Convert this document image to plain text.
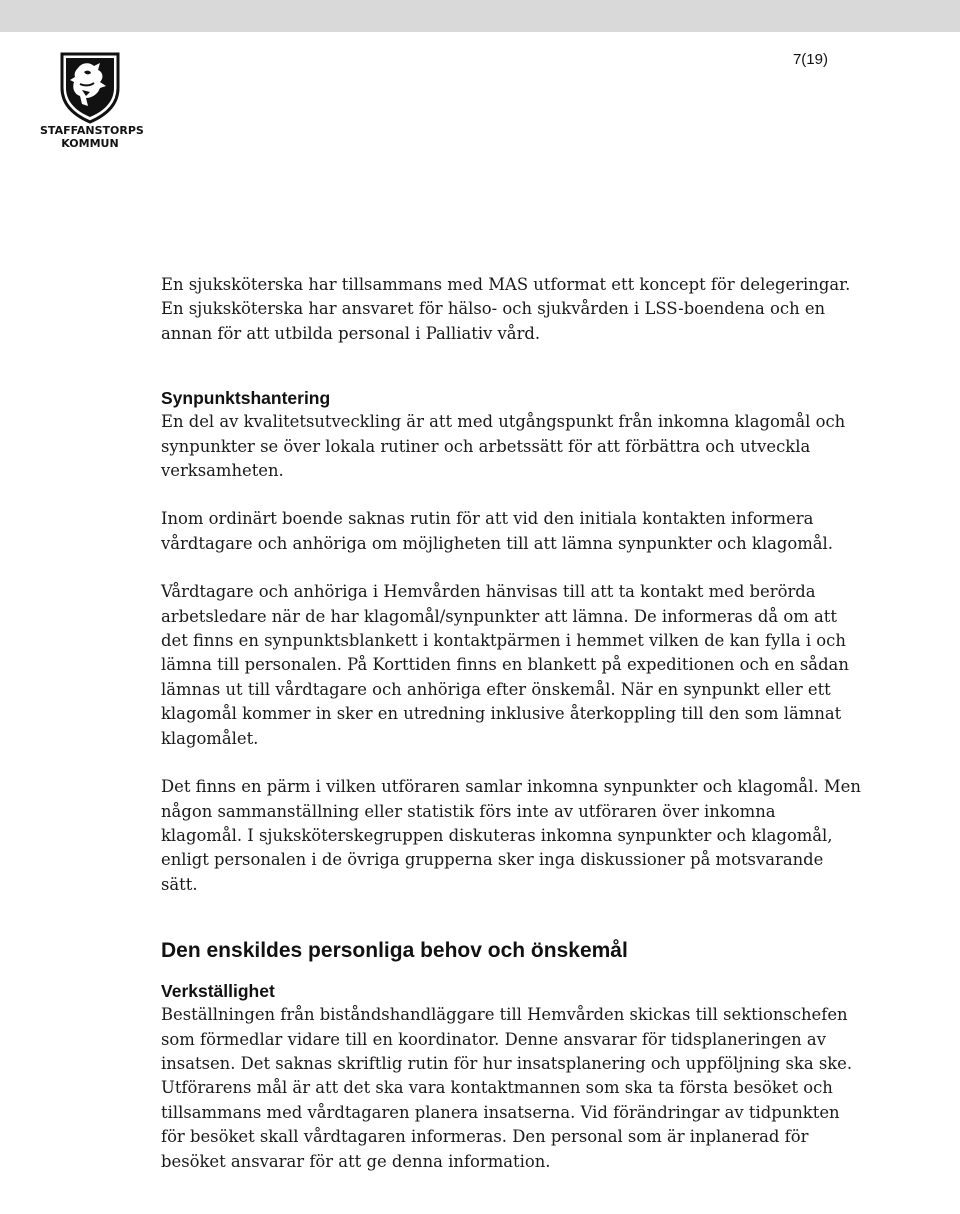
STAFFANSTORPS
KOMMUN
7(19)

En sjuksköterska har tillsammans med MAS utformat ett koncept för delegeringar. En sjuksköterska har ansvaret för hälso- och sjukvården i LSS-boendena och en annan för att utbilda personal i Palliativ vård.

Synpunktshantering

En del av kvalitetsutveckling är att med utgångspunkt från inkomna klagomål och synpunkter se över lokala rutiner och arbetssätt för att förbättra och utveckla verksamheten.

Inom ordinärt boende saknas rutin för att vid den initiala kontakten informera vårdtagare och anhöriga om möjligheten till att lämna synpunkter och klagomål.

Vårdtagare och anhöriga i Hemvården hänvisas till att ta kontakt med berörda arbetsledare när de har klagomål/synpunkter att lämna. De informeras då om att det finns en synpunktsblankett i kontaktpärmen i hemmet vilken de kan fylla i och lämna till personalen. På Korttiden finns en blankett på expeditionen och en sådan lämnas ut till vårdtagare och anhöriga efter önskemål. När en synpunkt eller ett klagomål kommer in sker en utredning inklusive återkoppling till den som lämnat klagomålet.

Det finns en pärm i vilken utföraren samlar inkomna synpunkter och klagomål. Men någon sammanställning eller statistik förs inte av utföraren över inkomna klagomål. I sjuksköterskegruppen diskuteras inkomna synpunkter och klagomål, enligt personalen i de övriga grupperna sker inga diskussioner på motsvarande sätt.

Den enskildes personliga behov och önskemål
Verkställighet

Beställningen från biståndshandläggare till Hemvården skickas till sektionschefen som förmedlar vidare till en koordinator. Denne ansvarar för tidsplaneringen av insatsen. Det saknas skriftlig rutin för hur insatsplanering och uppföljning ska ske. Utförarens mål är att det ska vara kontaktmannen som ska ta första besöket och tillsammans med vårdtagaren planera insatserna. Vid förändringar av tidpunkten för besöket skall vårdtagaren informeras. Den personal som är inplanerad för besöket ansvarar för att ge denna information.
